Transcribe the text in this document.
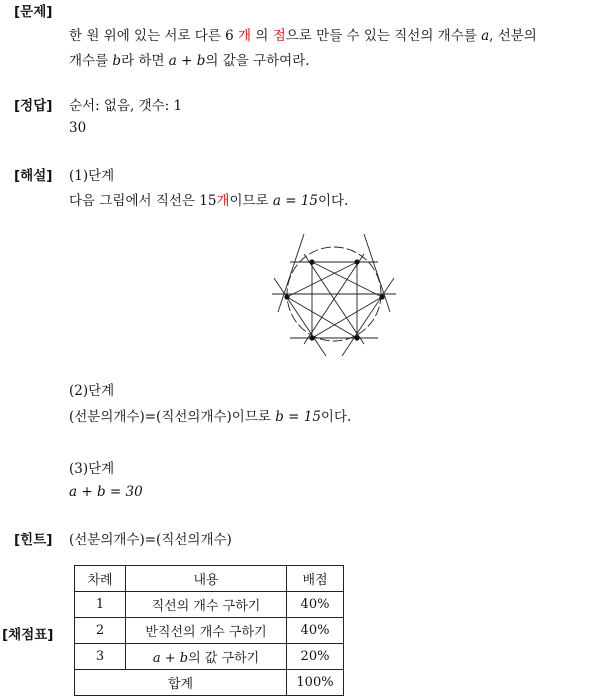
[문제]
한 원 위에 있는 서로 다른 6 개 의 점으로 만들 수 있는 직선의 개수를 a, 선분의
개수를 b라 하면 a + b의 값을 구하여라.
[정답] 순서: 없음, 갯수: 1
30
[해설] (1)단계
다음 그림에서 직선은 15개이므로 a = 15이다.
(2)단계
(선분의개수)=(직선의개수)이므로 b = 15이다.
(3)단계
a + b = 30
[힌트] (선분의개수)=(직선의개수)
[채점표]
차례	내용	배점
1	직선의 개수 구하기	40%
2	반직선의 개수 구하기	40%
3	a + b의 값 구하기	20%
합계		100%
